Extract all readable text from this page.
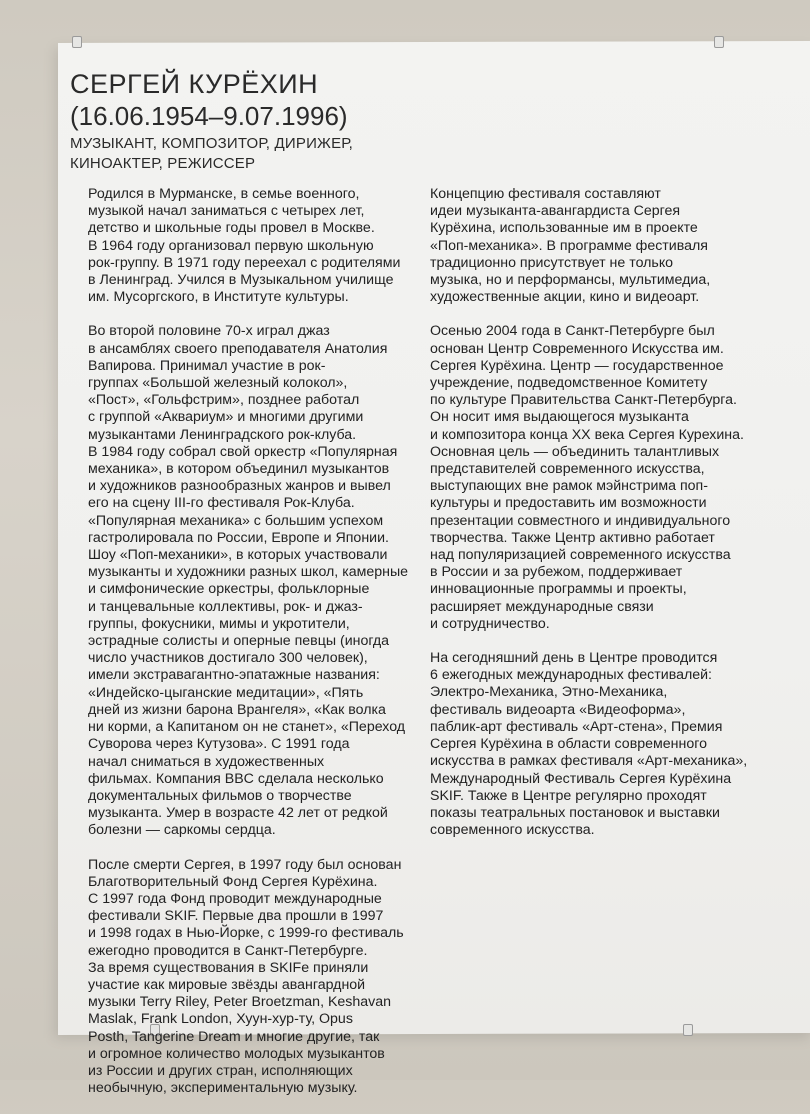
СЕРГЕЙ КУРЁХИН
(16.06.1954–9.07.1996)
МУЗЫКАНТ, КОМПОЗИТОР, ДИРИЖЕР,
КИНОАКТЕР, РЕЖИССЕР

Родился в Мурманске, в семье военного,
музыкой начал заниматься с четырех лет,
детство и школьные годы провел в Москве.
В 1964 году организовал первую школьную
рок-группу. В 1971 году переехал с родителями
в Ленинград. Учился в Музыкальном училище
им. Мусоргского, в Институте культуры.

Во второй половине 70-х играл джаз
в ансамблях своего преподавателя Анатолия
Вапирова. Принимал участие в рок-
группах «Большой железный колокол»,
«Пост», «Гольфстрим», позднее работал
с группой «Аквариум» и многими другими
музыкантами Ленинградского рок-клуба.
В 1984 году собрал свой оркестр «Популярная
механика», в котором объединил музыкантов
и художников разнообразных жанров и вывел
его на сцену III-го фестиваля Рок-Клуба.
«Популярная механика» с большим успехом
гастролировала по России, Европе и Японии.
Шоу «Поп-механики», в которых участвовали
музыканты и художники разных школ, камерные
и симфонические оркестры, фольклорные
и танцевальные коллективы, рок- и джаз-
группы, фокусники, мимы и укротители,
эстрадные солисты и оперные певцы (иногда
число участников достигало 300 человек),
имели экстравагантно-эпатажные названия:
«Индейско-цыганские медитации», «Пять
дней из жизни барона Врангеля», «Как волка
ни корми, а Капитаном он не станет», «Переход
Суворова через Кутузова». С 1991 года
начал сниматься в художественных
фильмах. Компания BBC сделала несколько
документальных фильмов о творчестве
музыканта. Умер в возрасте 42 лет от редкой
болезни — саркомы сердца.

После смерти Сергея, в 1997 году был основан
Благотворительный Фонд Сергея Курёхина.
С 1997 года Фонд проводит международные
фестивали SKIF. Первые два прошли в 1997
и 1998 годах в Нью-Йорке, с 1999-го фестиваль
ежегодно проводится в Санкт-Петербурге.
За время существования в SKIFe приняли
участие как мировые звёзды авангардной
музыки Terry Riley, Peter Broetzman, Keshavan
Maslak, Frank London, Хуун-хур-ту, Opus
Posth, Tangerine Dream и многие другие, так
и огромное количество молодых музыкантов
из России и других стран, исполняющих
необычную, экспериментальную музыку.

Концепцию фестиваля составляют
идеи музыканта-авангардиста Сергея
Курёхина, использованные им в проекте
«Поп-механика». В программе фестиваля
традиционно присутствует не только
музыка, но и перформансы, мультимедиа,
художественные акции, кино и видеоарт.

Осенью 2004 года в Санкт-Петербурге был
основан Центр Современного Искусства им.
Сергея Курёхина. Центр — государственное
учреждение, подведомственное Комитету
по культуре Правительства Санкт-Петербурга.
Он носит имя выдающегося музыканта
и композитора конца XX века Сергея Курехина.
Основная цель — объединить талантливых
представителей современного искусства,
выступающих вне рамок мэйнстрима поп-
культуры и предоставить им возможности
презентации совместного и индивидуального
творчества. Также Центр активно работает
над популяризацией современного искусства
в России и за рубежом, поддерживает
инновационные программы и проекты,
расширяет международные связи
и сотрудничество.

На сегодняшний день в Центре проводится
6 ежегодных международных фестивалей:
Электро-Механика, Этно-Механика,
фестиваль видеоарта «Видеоформа»,
паблик-арт фестиваль «Арт-стена», Премия
Сергея Курёхина в области современного
искусства в рамках фестиваля «Арт-механика»,
Международный Фестиваль Сергея Курёхина
SKIF. Также в Центре регулярно проходят
показы театральных постановок и выставки
современного искусства.
